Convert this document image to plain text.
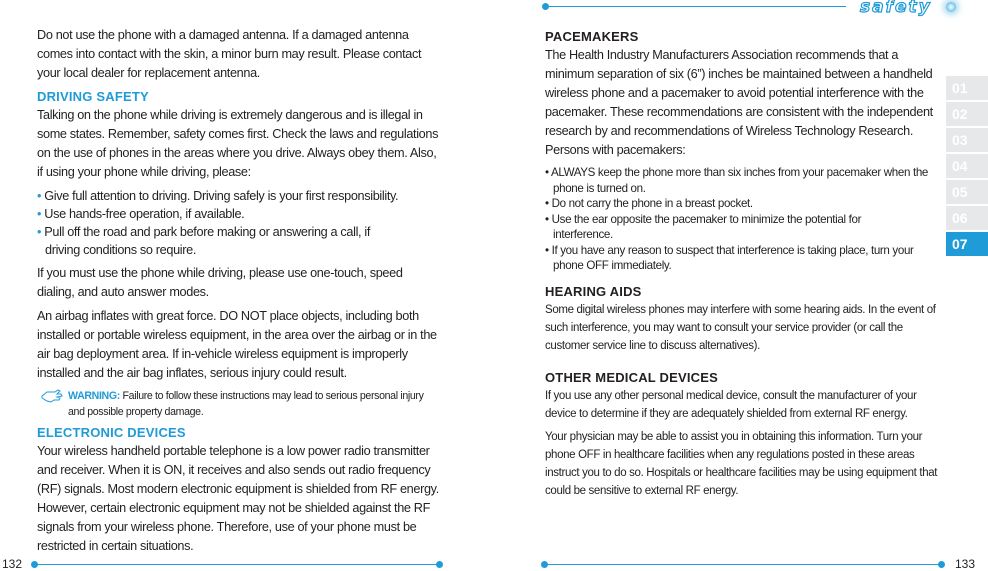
safety
132	133
01
02
03
04
05
06
07

Do not use the phone with a damaged antenna. If a damaged antenna comes into contact with the skin, a minor burn may result. Please contact your local dealer for replacement antenna.

DRIVING SAFETY

Talking on the phone while driving is extremely dangerous and is illegal in some states. Remember, safety comes first. Check the laws and regulations on the use of phones in the areas where you drive. Always obey them. Also, if using your phone while driving, please:

• Give full attention to driving. Driving safely is your first responsibility.
• Use hands-free operation, if available.
• Pull off the road and park before making or answering a call, if driving conditions so require.

If you must use the phone while driving, please use one-touch, speed dialing, and auto answer modes.

An airbag inflates with great force. DO NOT place objects, including both installed or portable wireless equipment, in the area over the airbag or in the air bag deployment area. If in-vehicle wireless equipment is improperly installed and the air bag inflates, serious injury could result.

WARNING: Failure to follow these instructions may lead to serious personal injury and possible property damage.
ELECTRONIC DEVICES

Your wireless handheld portable telephone is a low power radio transmitter and receiver. When it is ON, it receives and also sends out radio frequency (RF) signals. Most modern electronic equipment is shielded from RF energy. However, certain electronic equipment may not be shielded against the RF signals from your wireless phone. Therefore, use of your phone must be restricted in certain situations.

PACEMAKERS

The Health Industry Manufacturers Association recommends that a minimum separation of six (6”) inches be maintained between a handheld wireless phone and a pacemaker to avoid potential interference with the pacemaker. These recommendations are consistent with the independent research by and recommendations of Wireless Technology Research. Persons with pacemakers:

• ALWAYS keep the phone more than six inches from your pacemaker when the phone is turned on.
• Do not carry the phone in a breast pocket.
• Use the ear opposite the pacemaker to minimize the potential for interference.
• If you have any reason to suspect that interference is taking place, turn your phone OFF immediately.
HEARING AIDS

Some digital wireless phones may interfere with some hearing aids. In the event of such interference, you may want to consult your service provider (or call the customer service line to discuss alternatives).

OTHER MEDICAL DEVICES

If you use any other personal medical device, consult the manufacturer of your device to determine if they are adequately shielded from external RF energy.

Your physician may be able to assist you in obtaining this information. Turn your phone OFF in healthcare facilities when any regulations posted in these areas instruct you to do so. Hospitals or healthcare facilities may be using equipment that could be sensitive to external RF energy.
